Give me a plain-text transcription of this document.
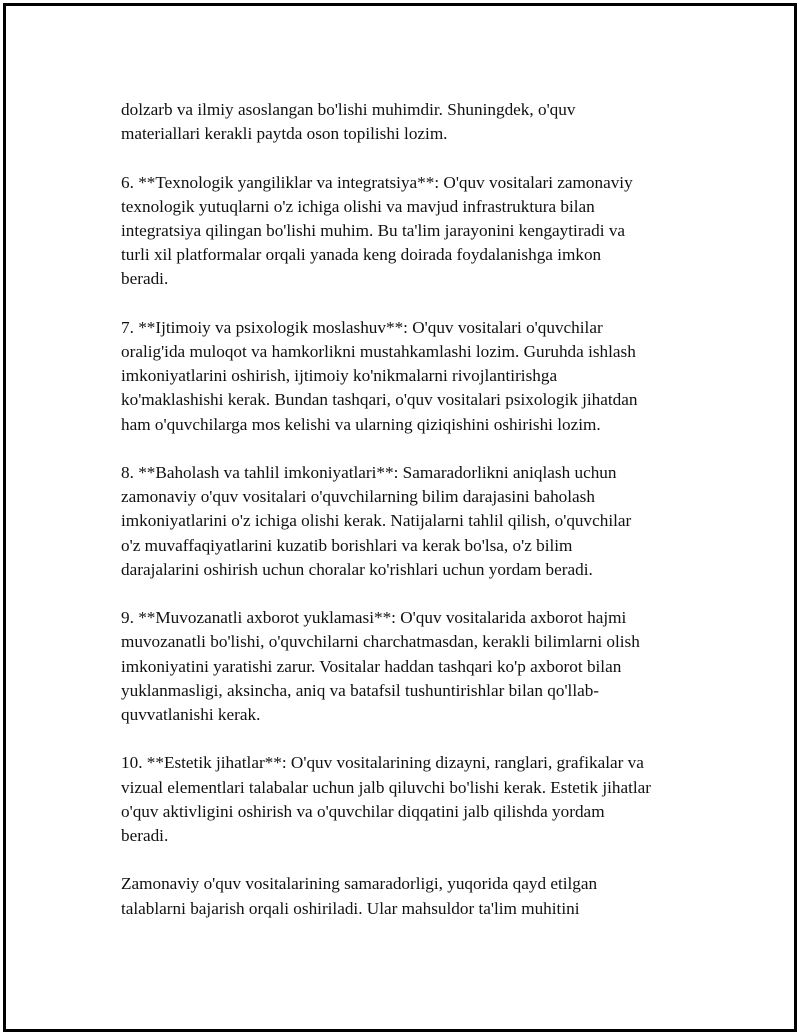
dolzarb va ilmiy asoslangan bo'lishi muhimdir. Shuningdek, o'quv
materiallari kerakli paytda oson topilishi lozim.

6. **Texnologik yangiliklar va integratsiya**: O'quv vositalari zamonaviy
texnologik yutuqlarni o'z ichiga olishi va mavjud infrastruktura bilan
integratsiya qilingan bo'lishi muhim. Bu ta'lim jarayonini kengaytiradi va
turli xil platformalar orqali yanada keng doirada foydalanishga imkon
beradi.

7. **Ijtimoiy va psixologik moslashuv**: O'quv vositalari o'quvchilar
oralig'ida muloqot va hamkorlikni mustahkamlashi lozim. Guruhda ishlash
imkoniyatlarini oshirish, ijtimoiy ko'nikmalarni rivojlantirishga
ko'maklashishi kerak. Bundan tashqari, o'quv vositalari psixologik jihatdan
ham o'quvchilarga mos kelishi va ularning qiziqishini oshirishi lozim.

8. **Baholash va tahlil imkoniyatlari**: Samaradorlikni aniqlash uchun
zamonaviy o'quv vositalari o'quvchilarning bilim darajasini baholash
imkoniyatlarini o'z ichiga olishi kerak. Natijalarni tahlil qilish, o'quvchilar
o'z muvaffaqiyatlarini kuzatib borishlari va kerak bo'lsa, o'z bilim
darajalarini oshirish uchun choralar ko'rishlari uchun yordam beradi.

9. **Muvozanatli axborot yuklamasi**: O'quv vositalarida axborot hajmi
muvozanatli bo'lishi, o'quvchilarni charchatmasdan, kerakli bilimlarni olish
imkoniyatini yaratishi zarur. Vositalar haddan tashqari ko'p axborot bilan
yuklanmasligi, aksincha, aniq va batafsil tushuntirishlar bilan qo'llab-
quvvatlanishi kerak.

10. **Estetik jihatlar**: O'quv vositalarining dizayni, ranglari, grafikalar va
vizual elementlari talabalar uchun jalb qiluvchi bo'lishi kerak. Estetik jihatlar
o'quv aktivligini oshirish va o'quvchilar diqqatini jalb qilishda yordam
beradi.

Zamonaviy o'quv vositalarining samaradorligi, yuqorida qayd etilgan
talablarni bajarish orqali oshiriladi. Ular mahsuldor ta'lim muhitini
